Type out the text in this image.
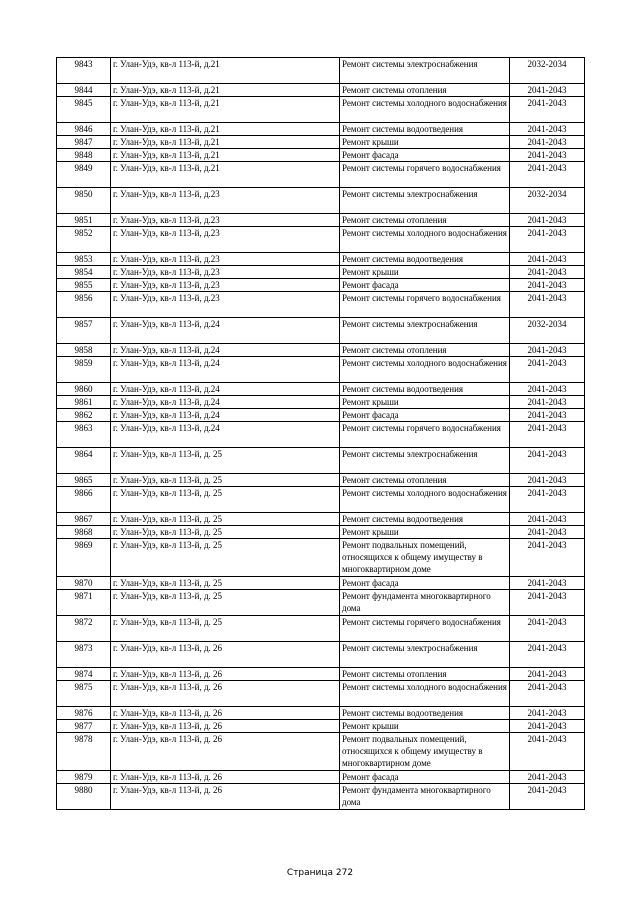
9843	г. Улан-Удэ, кв-л 113-й, д.21	Ремонт системы электроснабжения	2032-2034
9844	г. Улан-Удэ, кв-л 113-й, д.21	Ремонт системы отопления	2041-2043
9845	г. Улан-Удэ, кв-л 113-й, д.21	Ремонт системы холодного водоснабжения	2041-2043
9846	г. Улан-Удэ, кв-л 113-й, д.21	Ремонт системы водоотведения	2041-2043
9847	г. Улан-Удэ, кв-л 113-й, д.21	Ремонт крыши	2041-2043
9848	г. Улан-Удэ, кв-л 113-й, д.21	Ремонт фасада	2041-2043
9849	г. Улан-Удэ, кв-л 113-й, д.21	Ремонт системы горячего водоснабжения	2041-2043
9850	г. Улан-Удэ, кв-л 113-й, д.23	Ремонт системы электроснабжения	2032-2034
9851	г. Улан-Удэ, кв-л 113-й, д.23	Ремонт системы отопления	2041-2043
9852	г. Улан-Удэ, кв-л 113-й, д.23	Ремонт системы холодного водоснабжения	2041-2043
9853	г. Улан-Удэ, кв-л 113-й, д.23	Ремонт системы водоотведения	2041-2043
9854	г. Улан-Удэ, кв-л 113-й, д.23	Ремонт крыши	2041-2043
9855	г. Улан-Удэ, кв-л 113-й, д.23	Ремонт фасада	2041-2043
9856	г. Улан-Удэ, кв-л 113-й, д.23	Ремонт системы горячего водоснабжения	2041-2043
9857	г. Улан-Удэ, кв-л 113-й, д.24	Ремонт системы электроснабжения	2032-2034
9858	г. Улан-Удэ, кв-л 113-й, д.24	Ремонт системы отопления	2041-2043
9859	г. Улан-Удэ, кв-л 113-й, д.24	Ремонт системы холодного водоснабжения	2041-2043
9860	г. Улан-Удэ, кв-л 113-й, д.24	Ремонт системы водоотведения	2041-2043
9861	г. Улан-Удэ, кв-л 113-й, д.24	Ремонт крыши	2041-2043
9862	г. Улан-Удэ, кв-л 113-й, д.24	Ремонт фасада	2041-2043
9863	г. Улан-Удэ, кв-л 113-й, д.24	Ремонт системы горячего водоснабжения	2041-2043
9864	г. Улан-Удэ, кв-л 113-й, д. 25	Ремонт системы электроснабжения	2041-2043
9865	г. Улан-Удэ, кв-л 113-й, д. 25	Ремонт системы отопления	2041-2043
9866	г. Улан-Удэ, кв-л 113-й, д. 25	Ремонт системы холодного водоснабжения	2041-2043
9867	г. Улан-Удэ, кв-л 113-й, д. 25	Ремонт системы водоотведения	2041-2043
9868	г. Улан-Удэ, кв-л 113-й, д. 25	Ремонт крыши	2041-2043
9869	г. Улан-Удэ, кв-л 113-й, д. 25	Ремонт подвальных помещений, относящихся к общему имуществу в многоквартирном доме	2041-2043
9870	г. Улан-Удэ, кв-л 113-й, д. 25	Ремонт фасада	2041-2043
9871	г. Улан-Удэ, кв-л 113-й, д. 25	Ремонт фундамента многоквартирного дома	2041-2043
9872	г. Улан-Удэ, кв-л 113-й, д. 25	Ремонт системы горячего водоснабжения	2041-2043
9873	г. Улан-Удэ, кв-л 113-й, д. 26	Ремонт системы электроснабжения	2041-2043
9874	г. Улан-Удэ, кв-л 113-й, д. 26	Ремонт системы отопления	2041-2043
9875	г. Улан-Удэ, кв-л 113-й, д. 26	Ремонт системы холодного водоснабжения	2041-2043
9876	г. Улан-Удэ, кв-л 113-й, д. 26	Ремонт системы водоотведения	2041-2043
9877	г. Улан-Удэ, кв-л 113-й, д. 26	Ремонт крыши	2041-2043
9878	г. Улан-Удэ, кв-л 113-й, д. 26	Ремонт подвальных помещений, относящихся к общему имуществу в многоквартирном доме	2041-2043
9879	г. Улан-Удэ, кв-л 113-й, д. 26	Ремонт фасада	2041-2043
9880	г. Улан-Удэ, кв-л 113-й, д. 26	Ремонт фундамента многоквартирного дома	2041-2043
Страница 272
